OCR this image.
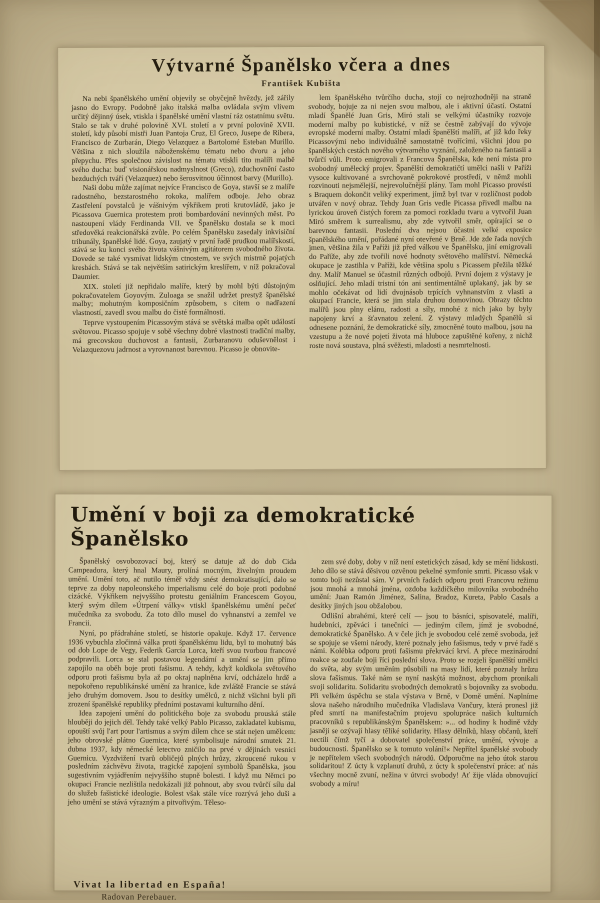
Výtvarné Španělsko včera a dnes
František Kubišta

Na nebi španělského umění objevily se obyčejně hvězdy, jež zářily jasno do Evropy. Podobně jako italská malba ovládala svým vlivem určitý dějinný úsek, vtiskla i španělské umění vlastní ráz ostatnímu světu. Stalo se tak v druhé polovině XVI. století a v první polovině XVII. století, kdy působí mistři Juan Pantoja Cruz, El Greco, Jusepe de Ribera, Francisco de Zurbarán, Diego Velazquez a Bartolomé Esteban Murillo. Většina z nich sloužila náboženskému tématu nebo dvoru a jeho přepychu. Přes společnou závislost na tématu vtiskli tito malíři malbě svého ducha: buď visionářskou nadmyslnost (Greco), zduchovnění často bezduchých tváří (Velazquez) nebo šerosvitnou účinnost barvy (Murillo).

Naši dobu může zajímat nejvíce Francisco de Goya, stavší se z malíře radostného, bezstarostného rokoka, malířem odboje. Jeho obraz Zastřelení povstalců je vášnivým výkřikem proti krutovládě, jako je Picassova Guernica protestem proti bombardování nevinných měst. Po nastoupení vlády Ferdinanda VII. ve Španělsku dostala se k moci středověká reakcionářská zvůle. Po celém Španělsku zasedaly inkvisiční tribunály, španělské lidé. Goya, zaujatý v první řadě prudkou malířskostí, stává se ku konci svého života vášnivým agitátorem svobodného života. Dovede se také vysmívat lidským ctnostem, ve svých mistrně pojatých kresbách. Stává se tak největším satirickým kreslířem, v níž pokračoval Daumier.

XIX. století již nepřidalo malíře, který by mohl býti důstojným pokračovatelem Goyovým. Zuloaga se snažil udržet prestyž španělské malby; mohutným komposičním způsobem, s citem o nadřazení vlastností, zavedl svou malbu do čisté formálnosti.

Teprve vystoupením Picassovým stává se světská malba opět událostí světovou. Picasso spojuje v sobě všechny dobré vlastnosti tradiční malby, má grecovskou duchovost a fantasii, Zurbaranovu oduševnělost i Velazquezovu jadrnost a vyrovnanost barevnou. Picasso je obnovite-

lem španělského tvůrčího ducha, stojí co nejrozhodněji na straně svobody, bojuje za ni nejen svou malbou, ale i aktivní účastí. Ostatní mladí Španělé Juan Gris, Miró stali se velkými účastníky rozvoje moderní malby po kubistické, v níž se čestně zabývají do vývoje evropské moderní malby. Ostatní mladí španělští malíři, ať již kdo řeky Picassovými nebo individuálně samostatně tvořícími, všichni jdou po španělských cestách nového výtvarného vyznání, založeného na fantasii a tvůrčí vůli. Proto emigrovali z Francova Španělska, kde není místa pro svobodný umělecký projev. Španělští demokratičtí umělci našli v Paříži vysoce kultivované a svrchovaně pokrokové prostředí, v němž mohli rozvinouti nejsmělejší, nejrevolučnější plány. Tam mohl Picasso provésti s Braquem dokončit veliký experiment, jímž byl tvar v rozličnost podob utvářen v nový obraz. Tehdy Juan Gris vedle Picassa přivedl malbu na lyrickou úroveň čistých forem za pomoci rozkladu tvaru a vytvořil Juan Miró směrem k surrealismu, aby zde vytvořil směr, opírající se o barevnou fantasii. Poslední dva nejsou účastni velké exposice španělského umění, pořádané nyní otevřené v Brně. Jde zde řada nových jmen, většina žila v Paříži již před válkou ve Španělsku, jiní emigrovali do Paříže, aby zde tvořili nové hodnoty světového malířství. Německá okupace je zastihla v Paříži, kde většina spolu s Picassem přežila těžké dny. Malíř Manuel se účastnil různých odbojů. První dojem z výstavy je oslňující. Jeho mladí tristní tón ani sentimentálně uplakaný, jak by se mohlo očekávat od lidí dvojnásob trpících vyhnanstvím z vlasti a okupací Francie, která se jim stala druhou domovinou. Obrazy těchto malířů jsou plny elánu, radosti a síly, mnohé z nich jako by byly napojeny krví a šťavnatou zelení. Z výstavy mladých Španělů si odnesene poznání, že demokratické síly, zmocněné touto malbou, jsou na vzestupu a že nové pojetí života má hluboce zapuštěné kořeny, z nichž roste nová soustava, plná svěžesti, mladosti a nesmrtelnosti.

Umění v boji za demokratické Španělsko

Španělský osvobozovací boj, který se datuje až do dob Cida Campeadora, který hnal Maury, prolíná mocným, živelným proudem umění. Umění toto, ač nutilo téměř vždy snést demokratisující, dalo se teprve za doby napoleonského imperialismu celé do boje proti podobné cizácké. Výkřikem nejvyššího protestu geniálním Francescem Goyou, který svým dílem »Útrpení války« vtiskl španělskému umění pečeť mučedníka za svobodu. Za toto dílo musel do vyhnanství a zemřel ve Francii.

Nyní, po přádraháne století, se historie opakuje. Když 17. července 1936 vybuchla zločinná válka proti španělskému lidu, byl to mohutný bás od dob Lope de Vegy, Federik García Lorca, kteří svou tvorbou francové podpravili. Lorca se stal postavou legendární a umění se jim přímo zapojilo na oběh boje proti fašismu. A tehdy, když koldkola světového odporu proti fašismu byla až po okraj naplněna krví, odcházelo hrdě a nepokořeno republikánské umění za hranice, kde zvláště Francie se stává jeho druhým domovem. Jsou to desítky umělců, z nichž všichni byli při zrození španělské republiky předními postavami kulturního dění.

Idea zapojení umění do politického boje za svobodu prouská stále hlouběji do jejich děl. Tehdy také velký Pablo Picasso, zakladatel kubismu, opouští svůj l'art pour l'artismus a svým dílem chce se stát nejen umělcem: jeho obrovské plátno Guernica, které symbolisuje národní smutek 21. dubna 1937, kdy německé letectvo zničilo na prvé v dějinách vesnici Guernicu. Vyzdvižení tvarů obličejů plných hrůzy, zkroucené rukou v posledním záchvěvu života, tragické zapojení symbolů Španělska, jsou sugestivním vyjádřením nejvyššího stupně bolesti. I když mu Němci po okupaci Francie nezlištila nedokázali již pohnout, aby svou tvůrčí sílu dal do služeb fašistické ideologie. Bolest však stále více rozrývá jeho duši a jeho umění se stává výrazným a pitvořivým. Těleso-

zem své doby, doby v níž není estetických zásad, kdy se mění lidskosti. Jeho dílo se stává děsivou ozvěnou pekelné symfonie smrti. Picasso však v tomto boji nezůstal sám. V prvních řadách odporu proti Francovu režimu jsou mnohá a mnohá jména, ozdoba každičkého milovníka svobodného umění: Juan Ramón Jiménez, Salina, Bradoz, Kureta, Pablo Casals a desítky jiných jsou obžalobou.

Odlišní abrahémi, které celí — jsou to básníci, spisovatelé, malíři, hudebníci, zpěváci i tanečníci — jediným cílem, jímž je svobodné, demokratické Španělsko. A v čele jich je svobodou celé země svoboda, jež se spojuje se všemi národy, které poznaly jeho fašismus, tedy v prvé řadě s námi. Kolébka odporu proti fašismu překrvácí krví. A přece mezinárodní reakce se zoufale boji říci poslední slova. Proto se rozjeli španělští umělci do světa, aby svým uměním působili na masy lidí, které poznaly hrůzu slova fašismus. Také nám se nyní naskýtá možnost, abychom pronikali svoji solidaritu. Solidaritu svobodných demokratů s bojovníky za svobodu. Při velkém úspěchu se stala výstava v Brně, v Domě umění. Naplníme slova našeho národního mučedníka Vladislava Vančury, která pronesl již před smrtí na manifestačním projevu spolupráce našich kulturních pracovníků s republikánským Španělskem: »... od hodiny k hodině vždy jasněji se ozývají hlasy těliké solidarity. Hlasy dělníků, hlasy občanů, kteří nectili čímž tyčí a dobovatel společenství práce, umění, vývoje a budoucnosti. Španělsko se k tomuto volání!« Nepřítel španělské svobody je nepřítelem všech svobodných národů. Odporučme na jeho útok starou solidaritou! Z úcty k vzplanutí druhů, z úcty k společenství práce: ať nás všechny mocně zvuní, nežina v útvrci svobody! Ať žije vláda obnovující svobody a míru!

Vivat la libertad en España!
Radovan Perebauer.
